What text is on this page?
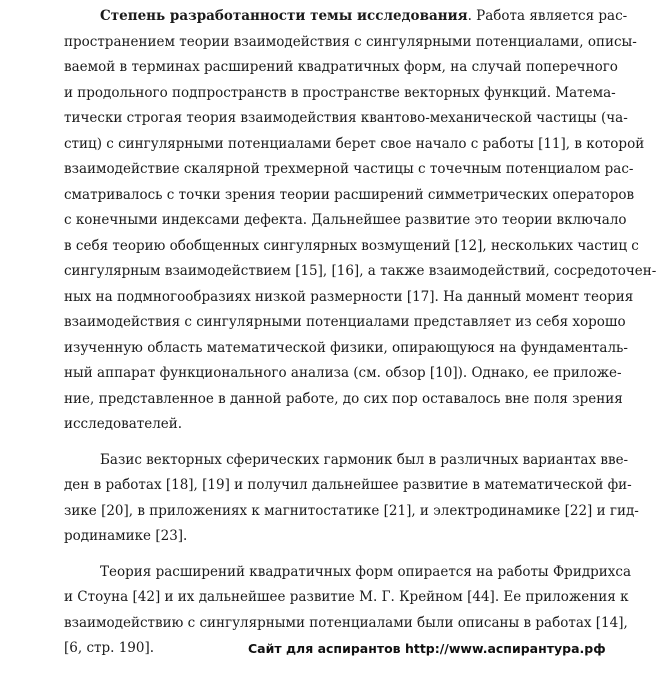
Степень разработанности темы исследования. Работа является рас-
пространением теории взаимодействия с сингулярными потенциалами, описы-
ваемой в терминах расширений квадратичных форм, на случай поперечного
и продольного подпространств в пространстве векторных функций. Матема-
тически строгая теория взаимодействия квантово-механической частицы (ча-
стиц) с сингулярными потенциалами берет свое начало с работы [11], в которой
взаимодействие скалярной трехмерной частицы с точечным потенциалом рас-
сматривалось с точки зрения теории расширений симметрических операторов
с конечными индексами дефекта. Дальнейшее развитие это теории включало
в себя теорию обобщенных сингулярных возмущений [12], нескольких частиц с
сингулярным взаимодействием [15], [16], а также взаимодействий, сосредоточен-
ных на подмногообразиях низкой размерности [17]. На данный момент теория
взаимодействия с сингулярными потенциалами представляет из себя хорошо
изученную область математической физики, опирающуюся на фундаменталь-
ный аппарат функционального анализа (см. обзор [10]). Однако, ее приложе-
ние, представленное в данной работе, до сих пор оставалось вне поля зрения
исследователей.
Базис векторных сферических гармоник был в различных вариантах вве-
ден в работах [18], [19] и получил дальнейшее развитие в математической фи-
зике [20], в приложениях к магнитостатике [21], и электродинамике [22] и гид-
родинамике [23].
Теория расширений квадратичных форм опирается на работы Фридрихса
и Стоуна [42] и их дальнейшее развитие М. Г. Крейном [44]. Ее приложения к
взаимодействию с сингулярными потенциалами были описаны в работах [14],
[6, стр. 190].	Сайт для аспирантов http://www.аспирантура.рф
